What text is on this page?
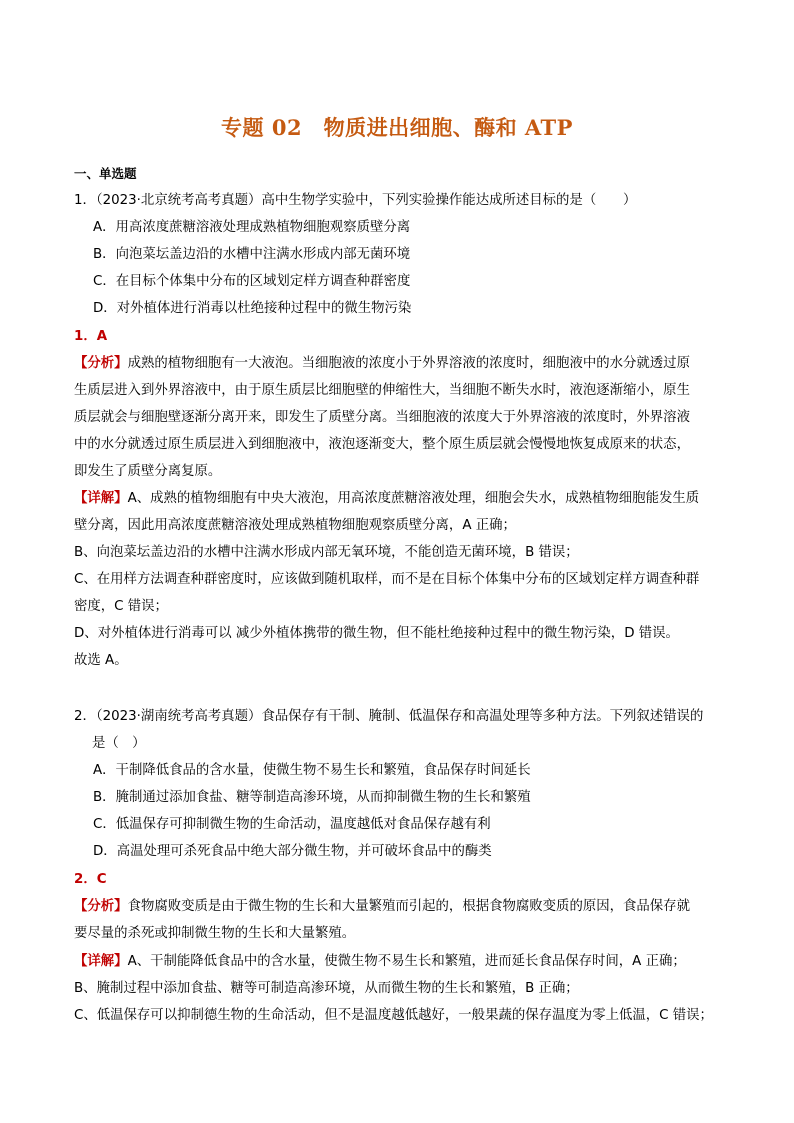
专题 02　物质进出细胞、酶和 ATP
一、单选题
1．（2023·北京统考高考真题）高中生物学实验中，下列实验操作能达成所述目标的是（　　）
A．用高浓度蔗糖溶液处理成熟植物细胞观察质壁分离
B．向泡菜坛盖边沿的水槽中注满水形成内部无菌环境
C．在目标个体集中分布的区域划定样方调查种群密度
D．对外植体进行消毒以杜绝接种过程中的微生物污染
1．A
【分析】成熟的植物细胞有一大液泡。当细胞液的浓度小于外界溶液的浓度时，细胞液中的水分就透过原
生质层进入到外界溶液中，由于原生质层比细胞壁的伸缩性大，当细胞不断失水时，液泡逐渐缩小，原生
质层就会与细胞壁逐渐分离开来，即发生了质壁分离。当细胞液的浓度大于外界溶液的浓度时，外界溶液
中的水分就透过原生质层进入到细胞液中，液泡逐渐变大，整个原生质层就会慢慢地恢复成原来的状态，
即发生了质壁分离复原。
【详解】A、成熟的植物细胞有中央大液泡，用高浓度蔗糖溶液处理，细胞会失水，成熟植物细胞能发生质
壁分离，因此用高浓度蔗糖溶液处理成熟植物细胞观察质壁分离，A 正确；
B、向泡菜坛盖边沿的水槽中注满水形成内部无氧环境，不能创造无菌环境，B 错误；
C、在用样方法调查种群密度时，应该做到随机取样，而不是在目标个体集中分布的区域划定样方调查种群
密度，C 错误；
D、对外植体进行消毒可以 减少外植体携带的微生物，但不能杜绝接种过程中的微生物污染，D 错误。
故选 A。
2．（2023·湖南统考高考真题）食品保存有干制、腌制、低温保存和高温处理等多种方法。下列叙述错误的
是（　）
A．干制降低食品的含水量，使微生物不易生长和繁殖，食品保存时间延长
B．腌制通过添加食盐、糖等制造高渗环境，从而抑制微生物的生长和繁殖
C．低温保存可抑制微生物的生命活动，温度越低对食品保存越有利
D．高温处理可杀死食品中绝大部分微生物，并可破坏食品中的酶类
2．C
【分析】食物腐败变质是由于微生物的生长和大量繁殖而引起的，根据食物腐败变质的原因，食品保存就
要尽量的杀死或抑制微生物的生长和大量繁殖。
【详解】A、干制能降低食品中的含水量，使微生物不易生长和繁殖，进而延长食品保存时间，A 正确；
B、腌制过程中添加食盐、糖等可制造高渗环境，从而微生物的生长和繁殖，B 正确；
C、低温保存可以抑制德生物的生命活动，但不是温度越低越好，一般果蔬的保存温度为零上低温，C 错误；
